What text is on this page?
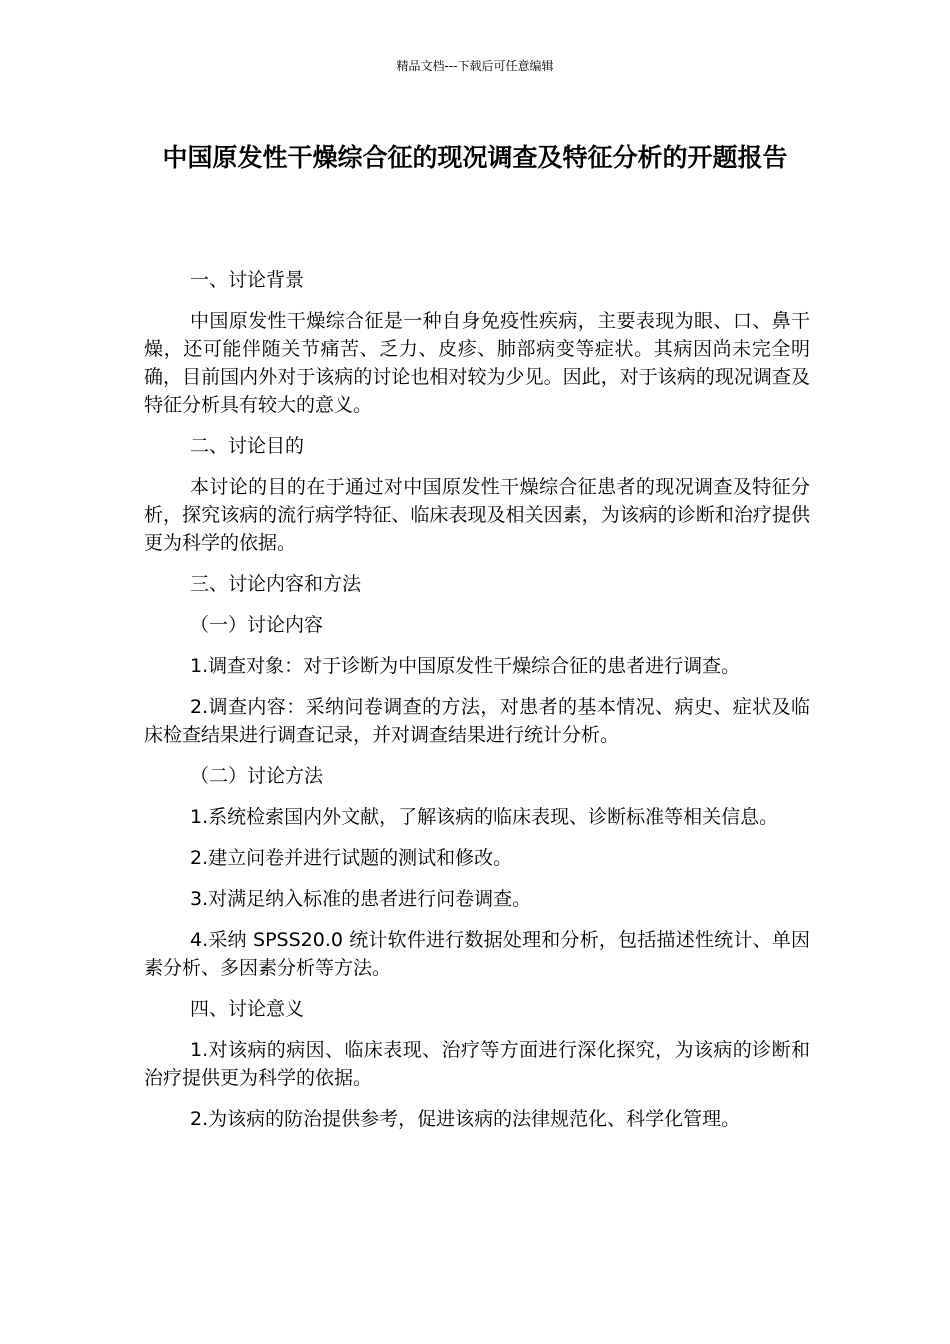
精品文档---下载后可任意编辑
中国原发性干燥综合征的现况调查及特征分析的开题报告

一、讨论背景

中国原发性干燥综合征是一种自身免疫性疾病，主要表现为眼、口、鼻干燥，还可能伴随关节痛苦、乏力、皮疹、肺部病变等症状。其病因尚未完全明确，目前国内外对于该病的讨论也相对较为少见。因此，对于该病的现况调查及特征分析具有较大的意义。

二、讨论目的

本讨论的目的在于通过对中国原发性干燥综合征患者的现况调查及特征分析，探究该病的流行病学特征、临床表现及相关因素，为该病的诊断和治疗提供更为科学的依据。

三、讨论内容和方法

（一）讨论内容

1.调查对象：对于诊断为中国原发性干燥综合征的患者进行调查。

2.调查内容：采纳问卷调查的方法，对患者的基本情况、病史、症状及临床检查结果进行调查记录，并对调查结果进行统计分析。

（二）讨论方法

1.系统检索国内外文献，了解该病的临床表现、诊断标准等相关信息。

2.建立问卷并进行试题的测试和修改。

3.对满足纳入标准的患者进行问卷调查。

4.采纳 SPSS20.0 统计软件进行数据处理和分析，包括描述性统计、单因素分析、多因素分析等方法。

四、讨论意义

1.对该病的病因、临床表现、治疗等方面进行深化探究，为该病的诊断和治疗提供更为科学的依据。

2.为该病的防治提供参考，促进该病的法律规范化、科学化管理。
